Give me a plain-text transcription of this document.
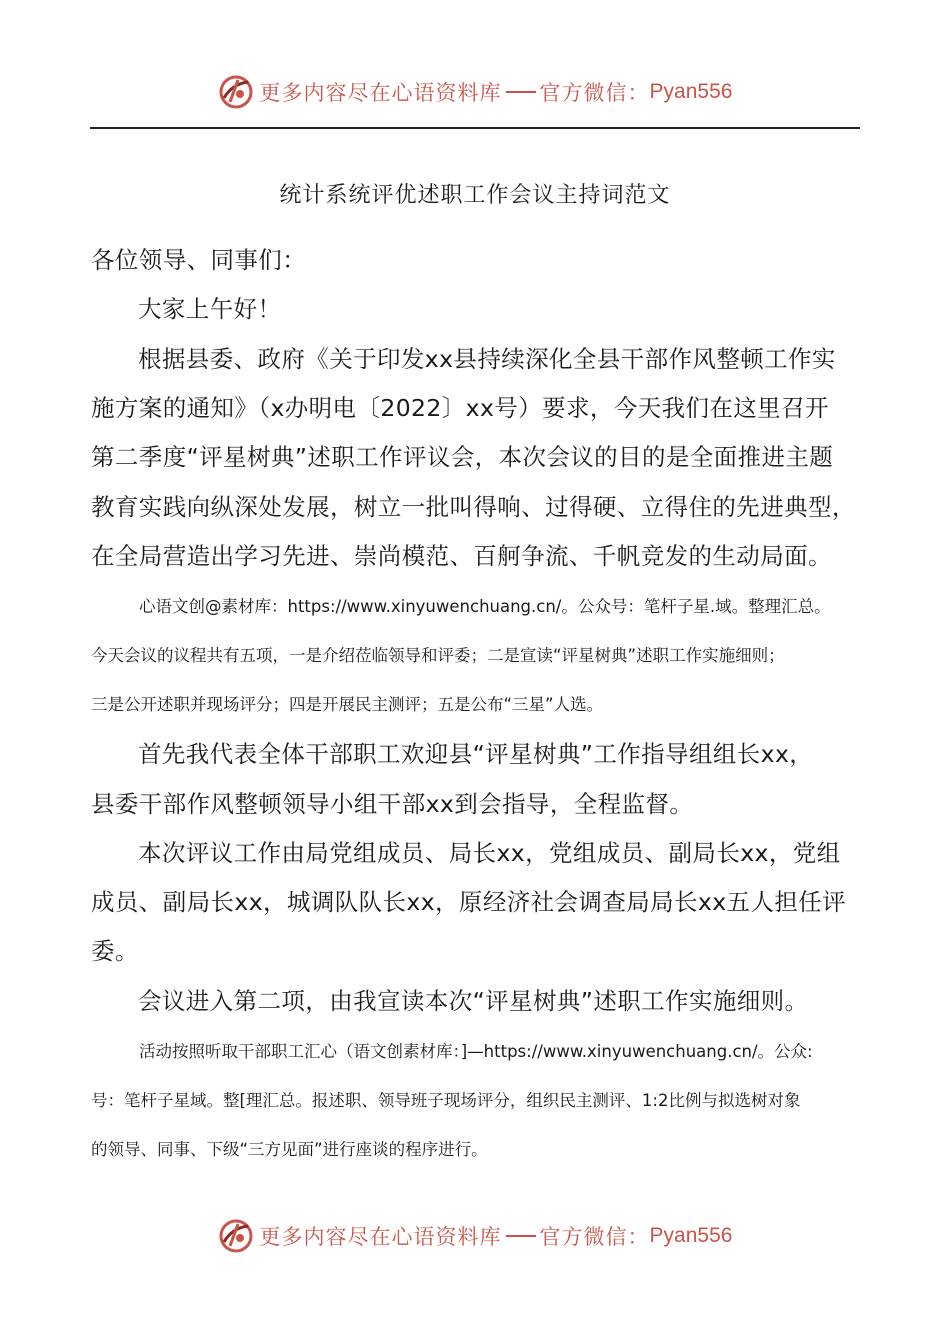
更多内容尽在心语资料库 官方微信： Pyan556
统计系统评优述职工作会议主持词范文
各位领导、同事们：
大家上午好！
根据县委、政府《关于印发xx县持续深化全县干部作风整顿工作实
施方案的通知》（x办明电〔2022〕xx号）要求，今天我们在这里召开
第二季度“评星树典”述职工作评议会，本次会议的目的是全面推进主题
教育实践向纵深处发展，树立一批叫得响、过得硬、立得住的先进典型，
在全局营造出学习先进、崇尚模范、百舸争流、千帆竞发的生动局面。
心语文创@素材库：https://www.xinyuwenchuang.cn/。公众号：笔杆子星.域。整理汇总。
今天会议的议程共有五项，一是介绍莅临领导和评委；二是宣读“评星树典”述职工作实施细则；
三是公开述职并现场评分；四是开展民主测评；五是公布“三星”人选。
首先我代表全体干部职工欢迎县“评星树典”工作指导组组长xx，
县委干部作风整顿领导小组干部xx到会指导，全程监督。
本次评议工作由局党组成员、局长xx，党组成员、副局长xx，党组
成员、副局长xx，城调队队长xx，原经济社会调查局局长xx五人担任评
委。
会议进入第二项，由我宣读本次“评星树典”述职工作实施细则。
活动按照听取干部职工汇心（语文创素材库：]—https://www.xinyuwenchuang.cn/。公众:
号：笔杆子星域。整[理汇总。报述职、领导班子现场评分，组织民主测评、1:2比例与拟选树对象
的领导、同事、下级“三方见面”进行座谈的程序进行。
更多内容尽在心语资料库 官方微信： Pyan556
